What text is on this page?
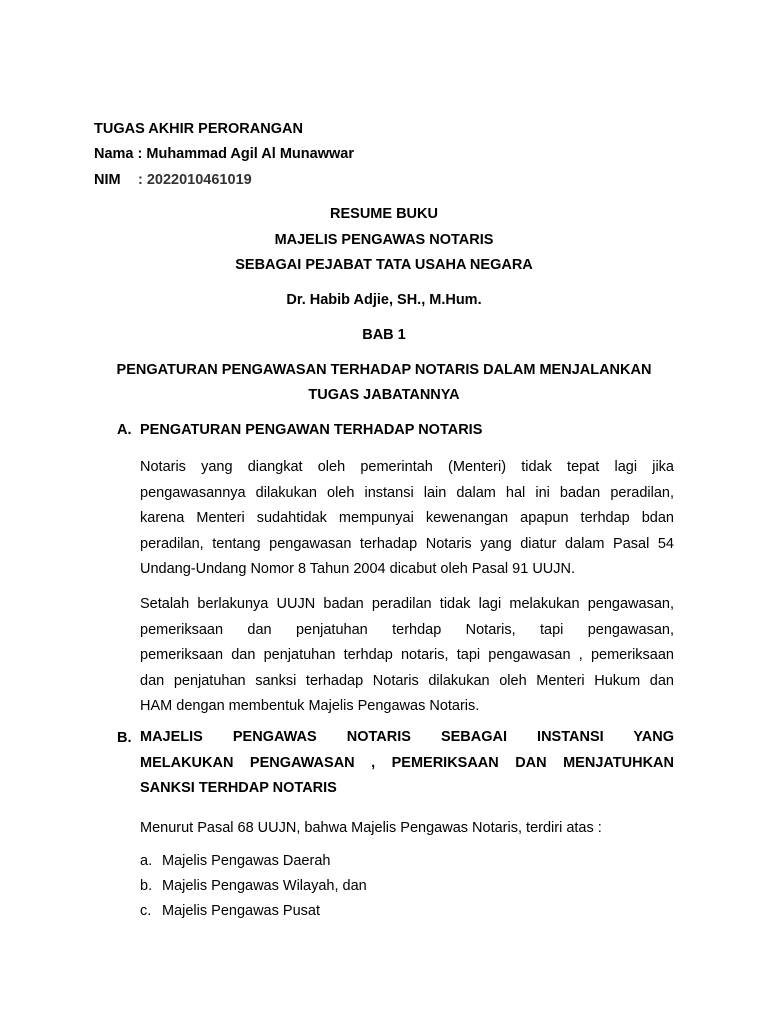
TUGAS AKHIR PERORANGAN
Nama : Muhammad Agil Al Munawwar
NIM : 2022010461019
RESUME BUKU
MAJELIS PENGAWAS NOTARIS
SEBAGAI PEJABAT TATA USAHA NEGARA
Dr. Habib Adjie, SH., M.Hum.
BAB 1
PENGATURAN PENGAWASAN TERHADAP NOTARIS DALAM MENJALANKAN
TUGAS JABATANNYA
A. PENGATURAN PENGAWAN TERHADAP NOTARIS
Notaris yang diangkat oleh pemerintah (Menteri) tidak tepat lagi jika
pengawasannya dilakukan oleh instansi lain dalam hal ini badan peradilan,
karena Menteri sudahtidak mempunyai kewenangan apapun terhdap bdan
peradilan, tentang pengawasan terhadap Notaris yang diatur dalam Pasal 54
Undang-Undang Nomor 8 Tahun 2004 dicabut oleh Pasal 91 UUJN.
Setalah berlakunya UUJN badan peradilan tidak lagi melakukan pengawasan,
pemeriksaan dan penjatuhan terhdap Notaris, tapi pengawasan,
pemeriksaan dan penjatuhan terhdap notaris, tapi pengawasan , pemeriksaan
dan penjatuhan sanksi terhadap Notaris dilakukan oleh Menteri Hukum dan
HAM dengan membentuk Majelis Pengawas Notaris.
B. MAJELIS PENGAWAS NOTARIS SEBAGAI INSTANSI YANG
MELAKUKAN PENGAWASAN , PEMERIKSAAN DAN MENJATUHKAN
SANKSI TERHDAP NOTARIS
Menurut Pasal 68 UUJN, bahwa Majelis Pengawas Notaris, terdiri atas :
a. Majelis Pengawas Daerah
b. Majelis Pengawas Wilayah, dan
c. Majelis Pengawas Pusat
